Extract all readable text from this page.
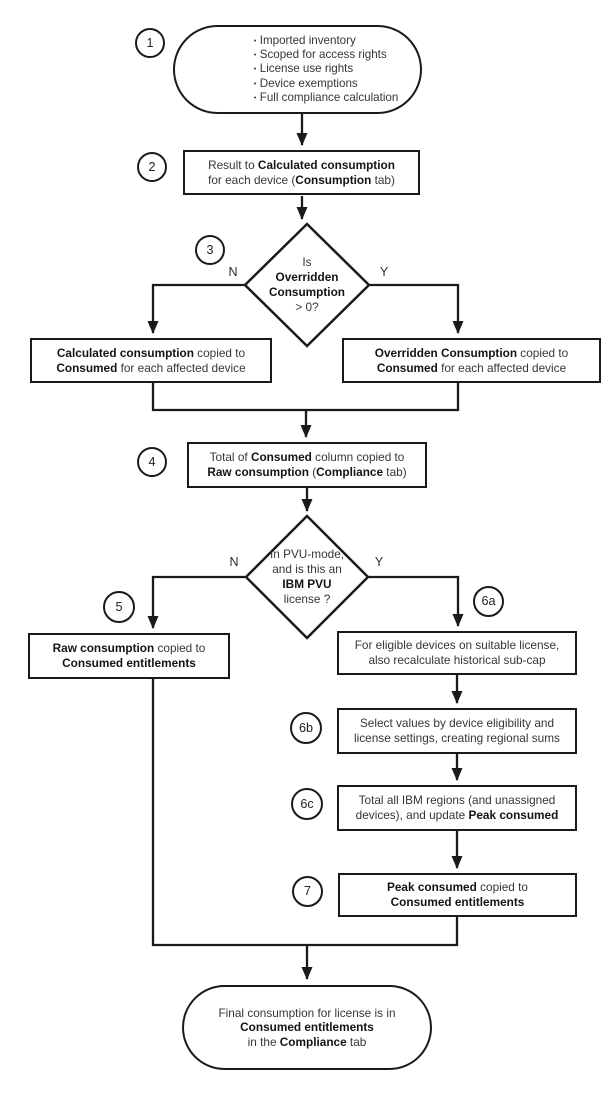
1
2
3
4
5	6a
6b
6c
7
• Imported inventory
• Scoped for access rights
• License use rights
• Device exemptions
• Full compliance calculation
Result to Calculated consumption
for each device (Consumption tab)
Is
Overridden
Consumption
> 0?
N	Y
Calculated consumption copied to
Consumed for each affected device
Overridden Consumption copied to
Consumed for each affected device
Total of Consumed column copied to
Raw consumption (Compliance tab)
In PVU-mode,
and is this an
IBM PVU
license ?
N	Y
Raw consumption copied to
Consumed entitlements
For eligible devices on suitable license,
also recalculate historical sub-cap
Select values by device eligibility and
license settings, creating regional sums
Total all IBM regions (and unassigned
devices), and update Peak consumed
Peak consumed copied to
Consumed entitlements
Final consumption for license is in
Consumed entitlements
in the Compliance tab
